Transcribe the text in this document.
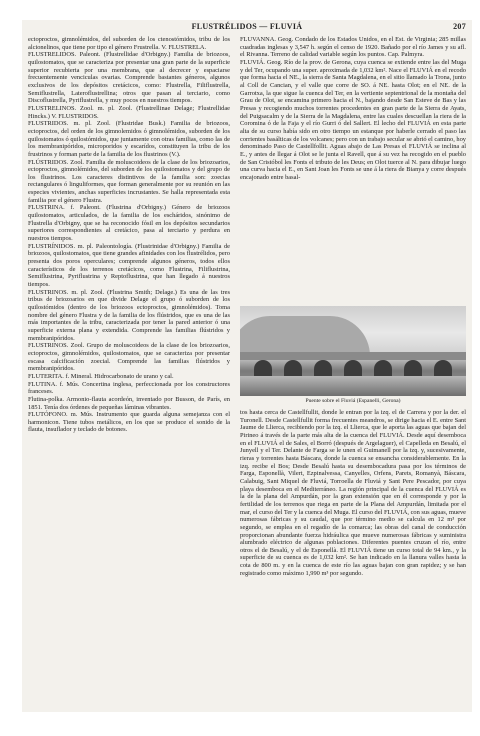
FLUSTRÉLIDOS — FLUVIÁ	207

ectoproctos, gimnolémidos, del suborden de los ctenostómidos, tribu de los alcionelinos, que tiene por tipo el género Frustrella. V. FLUSTRELA.

FLUSTRELIDOS. Paleont. (Flustrellidae d'Orbigny.) Familia de briozoos, quilostomatos, que se caracteriza por presentar una gran parte de la superficie superior recubierta por una membrana, que al decrecer y espaciarse frecuentemente venciculas ovarias. Comprende bastantes géneros, algunos exclusivos de los depósitos cretácicos, como: Flustrella, Filiflustrella, Semiflustrella, Lateroflustrellina; otros que pasan al terciario, como Discoflustrella, Pyriflustrella, y muy pocos en nuestros tiempos.

FLUSTRELINOS. Zool. m. pl. Zool. (Flustrellinae Delage; Flustrellidae Hincks.) V. FLUSTRIDOS.

FLUSTRIDOS. m. pl. Zool. (Flustridae Busk.) Familia de briozoos, ectoproctos, del orden de los gimnolemidos ó gimnolémidos, suborden de los quilostomatos ó quilostómidos, que juntamente con otras familias, como las de los membranipóridos, microporidos y escarídos, constituyen la tribu de los frustrinos y forman parte de la familia de los flustrinos (V.).

FLÚSTRIDOS. Zool. Familia de moluscoideos de la clase de los briozoarios, ectoproctos, gimnolémidos, del suborden de los quilostomatos y del grupo de los flustrinos. Los caracteres distintivos de la familia son: zoecias rectangulares ó linguliformes, que forman generalmente por su reunión en las especies vivientes, anchas superficies incrustantes. Se halla representada esta familia por el género Flustra.

FLUSTRINA. f. Paleont. (Flustrina d'Orbigny.) Género de briozoos quilostomatos, articulados, de la familia de los escháridos, sinónimo de Flustrella d'Orbigny, que se ha reconocido fósil en los depósitos secundarios superiores correspondientes al cretácico, pasa al terciario y perdura en nuestros tiempos.

FLUSTRÍNIDOS. m. pl. Paleontología. (Flustrinidae d'Orbigny.) Familia de briozoos, quilostomatos, que tiene grandes afinidades con los flustrélidos, pero presenta dos poros operculares; comprende algunos géneros, todos ellos característicos de los terrenos cretácicos, como Flustrina, Filiflustrina, Semiflustrina, Pyriflustrina y Reptoflustrina, que han llegado á nuestros tiempos.

FLUSTRINOS. m. pl. Zool. (Flustrina Smith; Delage.) Es una de las tres tribus de briozoarios en que divide Delage el grupo ó suborden de los quilostómidos (dentro de los briozoos ectoproctos, gimnolémidos). Toma nombre del género Flustra y de la familia de los flústridos, que es una de las más importantes de la tribu, caracterizada por tener la pared anterior ó una superficie externa plana y extendida. Comprende las familias flústridos y membranipóridos.

FLUSTRINOS. Zool. Grupo de moluscoideos de la clase de los briozoarios, ectoproctos, gimnolémidos, quilostomatos, que se caracteriza por presentar escasa calcificación zoecial. Comprende las familias flústridos y membranipóridos.

FLUTERITA. f. Mineral. Hidrocarbonato de urano y cal.

FLUTINA. f. Mús. Concertina inglesa, perfeccionada por los constructores franceses.

Flutina-polka. Armonio-flauta acordeón, inventado por Busson, de París, en 1851. Tenía dos órdenes de pequeñas láminas vibrantes.

FLUTÓFONO. m. Mús. Instrumento que guarda alguna semejanza con el harmonicon. Tiene tubos metálicos, en los que se produce el sonido de la flauta, insuflador y teclado de botones.

FLUVANNA. Geog. Condado de los Estados Unidos, en el Est. de Virginia; 285 millas cuadradas inglesas y 3,547 h. según el censo de 1920. Bañado por el río James y su afl. el Rivanna. Terreno de calidad variable según los puntos. Cap. Palmyra.

FLUVIÁ. Geog. Río de la prov. de Gerona, cuya cuenca se extiende entre las del Muga y del Ter, ocupando una super. aproximada de 1,032 km². Nace el FLUVIÁ en el recodo que forma hacia el NE., la sierra de Santa Magdalena, en el sitio llamado la Trona, junto al Coll de Cancian, y el valle que corre de SO. á NE. hasta Olot; en el NE. de la Garrotxa, la que sigue la cuenca del Ter, en la vertiente septentrional de la montaña del Grau de Olot, se encamina primero hacia el N., bajando desde San Esteve de Bas y las Presas y recogiendo muchos torrentes procedentes en gran parte de la Sierra de Ayats, del Puigsacalm y de la Sierra de la Magdalena, entre las cuales descuellan la riera de la Coromina ó de la Faja y el río Gurri ó del Sallert. El lecho del FLUVIÁ en esta parte alta de su curso había sido en otro tiempo un estanque por haberle cerrado el paso las corrientes basálticas de los volcanes; pero con un trabajo secular se abrió el camino, hoy denominado Paso de Castellfollit. Aguas abajo de Las Presas el FLUVIÁ se inclina al E., y antes de llegar á Olot se le junta el Ravell, que á su vez ha recogido en el pueblo de San Cristóbol les Fonts el tributo de les Deus; en Olot tuerce al N. para dibujar luego una curva hacia el E., en Sant Joan les Fonts se une á la riera de Bianya y corre después encajonado entre basal-

Puente sobre el Fluviá (Espanelli, Gerona)

tos hasta cerca de Castellfullit, donde le entran por la izq. el de Carrera y por la der. el Turonell. Desde Castellfullit forma frecuentes meandros, se dirige hacia el E. entre Sant Jaume de Llierca, recibiendo por la izq. el Llierca, que le aporta las aguas que bajan del Pirineo á través de la parte más alta de la cuenca del FLUVIÁ. Desde aquí desemboca en el FLUVIÁ el de Sales, el Borró (después de Argelaguer), el Capelleda en Besalú, el Junyell y el Ter. Delante de Farga se le unen el Guimanell por la izq. y, sucesivamente, rieras y torrentes hasta Báscara, donde la cuenca se ensancha considerablemente. En la izq. recibe el Bos; Desde Besalú hasta su desembocadura pasa por los términos de Farga, Esponellà, Vilert, Ezpinalvessa, Canyelles, Orfens, Parets, Romanyà, Báscara, Calabuig, Sant Miquel de Fluviá, Torroella de Fluviá y Sant Pere Pescador, por cuya playa desemboca en el Mediterráneo. La región principal de la cuenca del FLUVIÁ es la de la plana del Ampurdán, por la gran extensión que en él corresponde y por la fertilidad de los terrenos que riega en parte de la Plana del Ampurdán, limitada por el mar, el curso del Ter y la cuenca del Muga. El curso del FLUVIÁ, con sus aguas, mueve numerosas fábricas y su caudal, que por término medio se calcula en 12 m³ por segundo, se emplea en el regadío de la comarca; las obras del canal de conducción proporcionan abundante fuerza hidráulica que mueve numerosas fábricas y suministra alumbrado eléctrico de algunas poblaciones. Diferentes puentes cruzan el río, entre otros el de Besalú, y el de Esponellà. El FLUVIÁ tiene un curso total de 94 km., y la superficie de su cuenca es de 1,032 km². Se han indicado en la llanura valles hasta la cota de 800 m. y en la cuenca de este río las aguas bajan con gran rapidez; y se han registrado como máximo 1,990 m³ por segundo.
